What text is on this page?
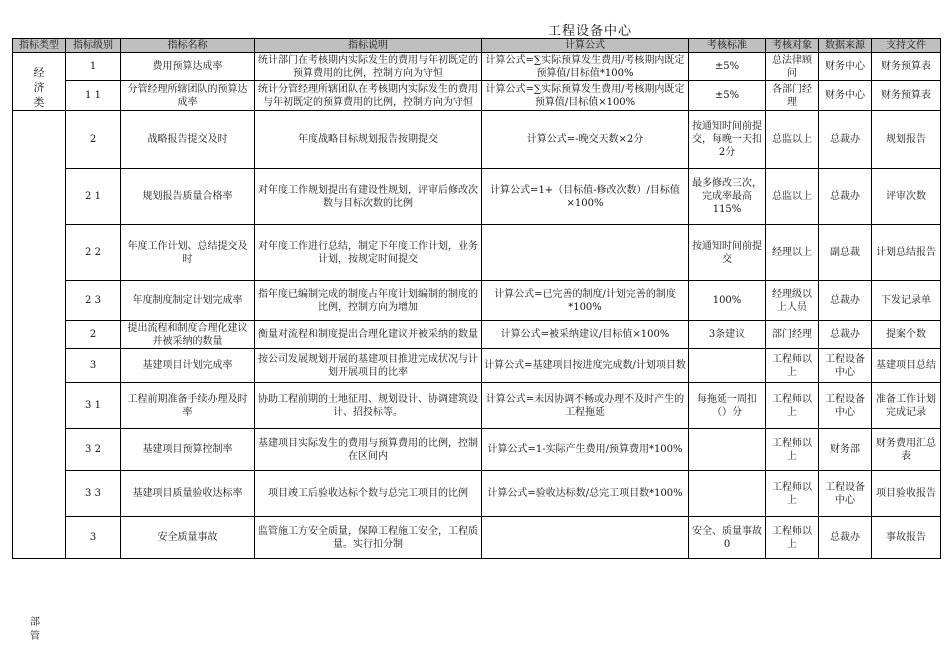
工程设备中心
指标类型	指标级别	指标名称	指标说明	计算公式	考核标准	考核对象	数据来源	支持文件

经
济
类	1	费用预算达成率	统计部门在考核期内实际发生的费用与年初既定的预算费用的比例，控制方向为守恒	计算公式=∑实际预算发生费用/考核期内既定预算值/目标值*100%	±5%	总法律顾问	财务中心	财务预算表
	1 1	分管经理所辖团队的预算达成率	统计分管经理所辖团队在考核期内实际发生的费用与年初既定的预算费用的比例，控制方向为守恒	计算公式=∑实际预算发生费用/考核期内既定预算值/目标值×100%	±5%	各部门经理	财务中心	财务预算表
	2	战略报告提交及时	年度战略目标规划报告按期提交	计算公式=-晚交天数×2分	按通知时间前提交，每晚一天扣2分	总监以上	总裁办	规划报告
	2 1	规划报告质量合格率	对年度工作规划提出有建设性规划，评审后修改次数与目标次数的比例	计算公式=1+（目标值-修改次数）/目标值×100%	最多修改三次，完成率最高115%	总监以上	总裁办	评审次数
	2 2	年度工作计划、总结提交及时	对年度工作进行总结，制定下年度工作计划，业务计划，按规定时间提交		按通知时间前提交	经理以上	副总裁	计划总结报告
	2 3	年度制度制定计划完成率	指年度已编制完成的制度占年度计划编制的制度的比例，控制方向为增加	计算公式=已完善的制度/计划完善的制度*100%	100%	经理级以上人员	总裁办	下发记录单
	2	提出流程和制度合理化建议并被采纳的数量	衡量对流程和制度提出合理化建议并被采纳的数量	计算公式=被采纳建议/目标值×100%	3条建议	部门经理	总裁办	提案个数
	3	基建项目计划完成率	按公司发展规划开展的基建项目推进完成状况与计划开展项目的比率	计算公式=基建项目按进度完成数/计划项目数		工程师以上	工程设备中心	基建项目总结
	3 1	工程前期准备手续办理及时率	协助工程前期的土地征用、规划设计、协调建筑设计、招投标等。	计算公式=未因协调不畅或办理不及时产生的工程拖延	每拖延一周扣（）分	工程师以上	工程设备中心	准备工作计划完成记录
	3 2	基建项目预算控制率	基建项目实际发生的费用与预算费用的比例，控制在区间内	计算公式=1-实际产生费用/预算费用*100%		工程师以上	财务部	财务费用汇总表
	3 3	基建项目质量验收达标率	项目竣工后验收达标个数与总完工项目的比例	计算公式=验收达标数/总完工项目数*100%		工程师以上	工程设备中心	项目验收报告
	3	安全质量事故	监管施工方安全质量，保障工程施工安全，工程质量。实行扣分制		安全、质量事故0	工程师以上	总裁办	事故报告
部
管
